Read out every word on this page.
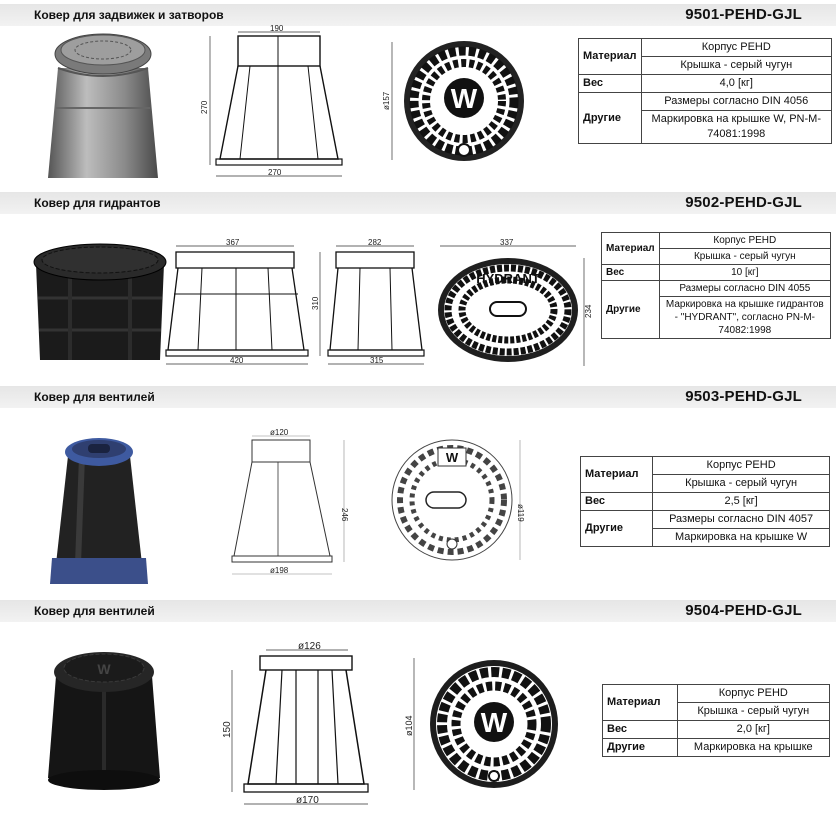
Ковер для задвижек и затворов	9501-PEHD-GJL
190
270
270
ø157 W
Материал	Корпус PEHD
	Крышка - серый чугун
Вес	4,0 [кг]
Другие	Размеры согласно DIN 4056
	Маркировка на крышке W, PN-M-74081:1998
Ковер для гидрантов	9502-PEHD-GJL
367
420
282
310
315
337
234
HYDRANT
Материал	Корпус PEHD
	Крышка - серый чугун
Вес	10 [кг]
Другие	Размеры согласно DIN 4055
	Маркировка на крышке гидрантов - "HYDRANT", согласно PN-M-74082:1998
Ковер для вентилей	9503-PEHD-GJL
ø120
246
ø198
W
ø119
Материал	Корпус PEHD
	Крышка - серый чугун
Вес	2,5 [кг]
Другие	Размеры согласно DIN 4057
	Маркировка на крышке W
Ковер для вентилей	9504-PEHD-GJL
W
ø126
150
ø170
ø104 W
Материал	Корпус PEHD
	Крышка - серый чугун
Вес	2,0 [кг]
Другие	Маркировка на крышке
